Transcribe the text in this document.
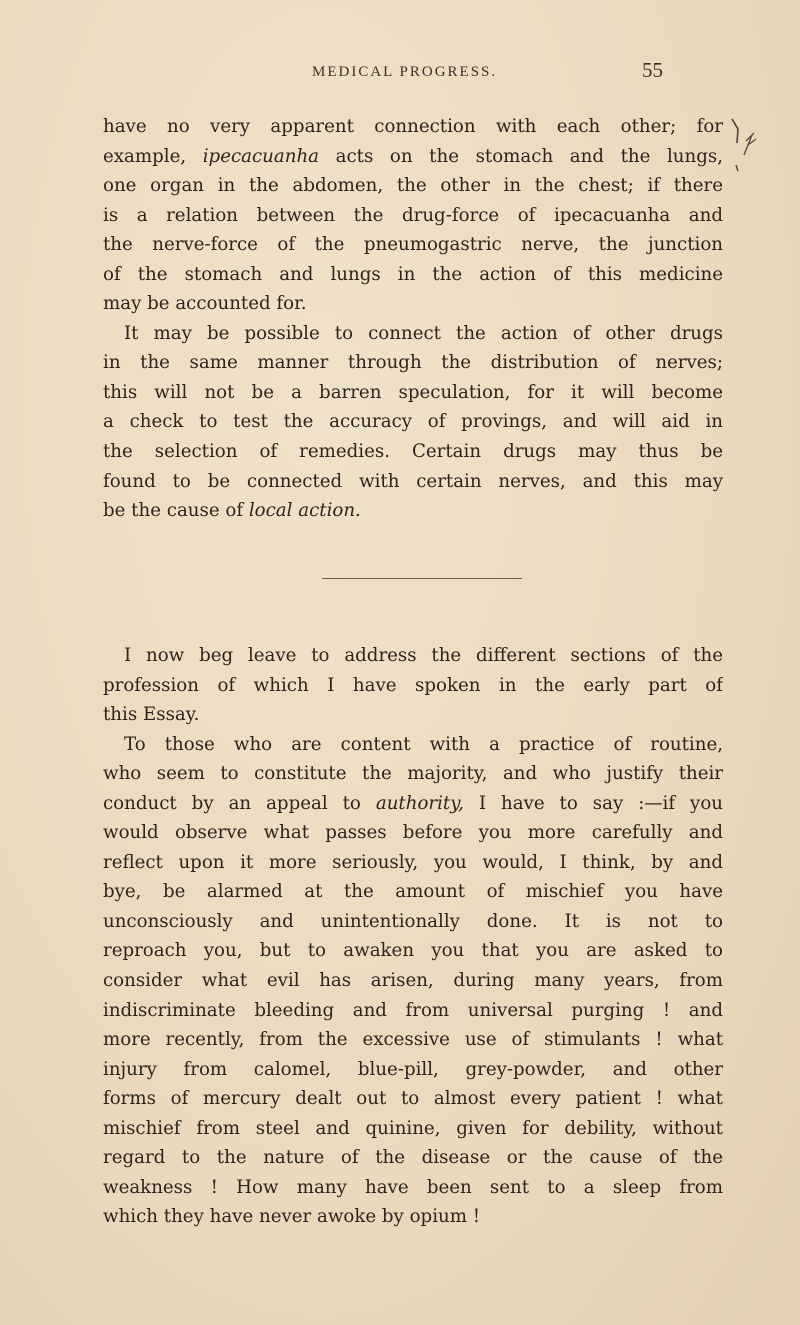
MEDICAL PROGRESS.	55
have no very apparent connection with each other; for
example, ipecacuanha acts on the stomach and the lungs,
one organ in the abdomen, the other in the chest; if there
is a relation between the drug-force of ipecacuanha and
the nerve-force of the pneumogastric nerve, the junction
of the stomach and lungs in the action of this medicine
may be accounted for.
It may be possible to connect the action of other drugs
in the same manner through the distribution of nerves;
this will not be a barren speculation, for it will become
a check to test the accuracy of provings, and will aid in
the selection of remedies. Certain drugs may thus be
found to be connected with certain nerves, and this may
be the cause of local action.
I now beg leave to address the different sections of the
profession of which I have spoken in the early part of
this Essay.
To those who are content with a practice of routine,
who seem to constitute the majority, and who justify their
conduct by an appeal to authority, I have to say :—if you
would observe what passes before you more carefully and
reflect upon it more seriously, you would, I think, by and
bye, be alarmed at the amount of mischief you have
unconsciously and unintentionally done. It is not to
reproach you, but to awaken you that you are asked to
consider what evil has arisen, during many years, from
indiscriminate bleeding and from universal purging ! and
more recently, from the excessive use of stimulants ! what
injury from calomel, blue-pill, grey-powder, and other
forms of mercury dealt out to almost every patient ! what
mischief from steel and quinine, given for debility, without
regard to the nature of the disease or the cause of the
weakness ! How many have been sent to a sleep from
which they have never awoke by opium !
